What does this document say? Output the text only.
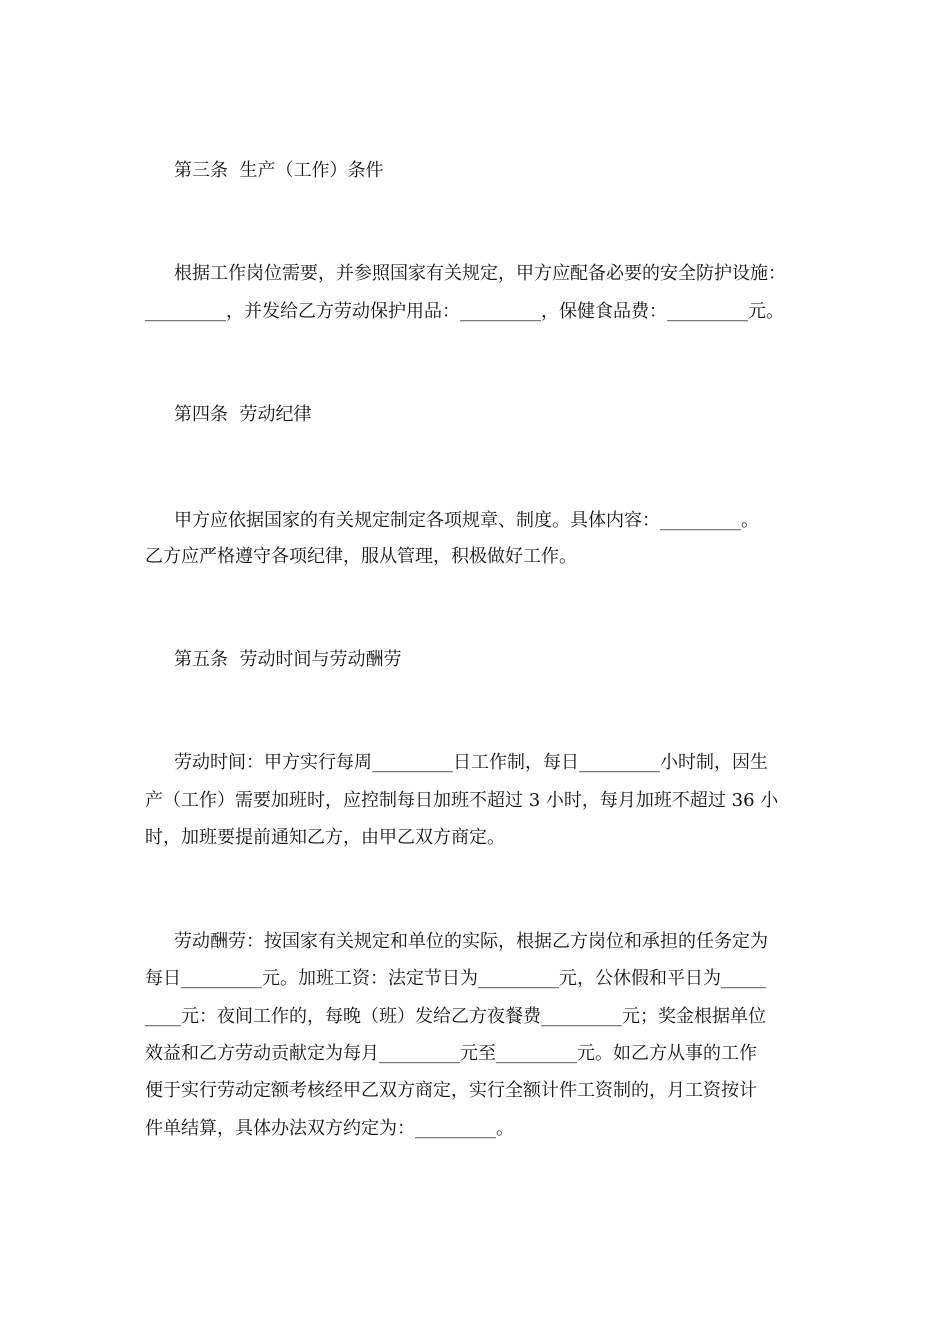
第三条  生产（工作）条件
根据工作岗位需要，并参照国家有关规定，甲方应配备必要的安全防护设施：
_________，并发给乙方劳动保护用品：_________，保健食品费：_________元。
第四条  劳动纪律
甲方应依据国家的有关规定制定各项规章、制度。具体内容：_________。
乙方应严格遵守各项纪律，服从管理，积极做好工作。
第五条  劳动时间与劳动酬劳
劳动时间：甲方实行每周_________日工作制，每日_________小时制，因生
产（工作）需要加班时，应控制每日加班不超过 3 小时，每月加班不超过 36 小
时，加班要提前通知乙方，由甲乙双方商定。
劳动酬劳：按国家有关规定和单位的实际，根据乙方岗位和承担的任务定为
每日_________元。加班工资：法定节日为_________元，公休假和平日为_____
____元：夜间工作的，每晚（班）发给乙方夜餐费_________元；奖金根据单位
效益和乙方劳动贡献定为每月_________元至_________元。如乙方从事的工作
便于实行劳动定额考核经甲乙双方商定，实行全额计件工资制的，月工资按计
件单结算，具体办法双方约定为：_________。
